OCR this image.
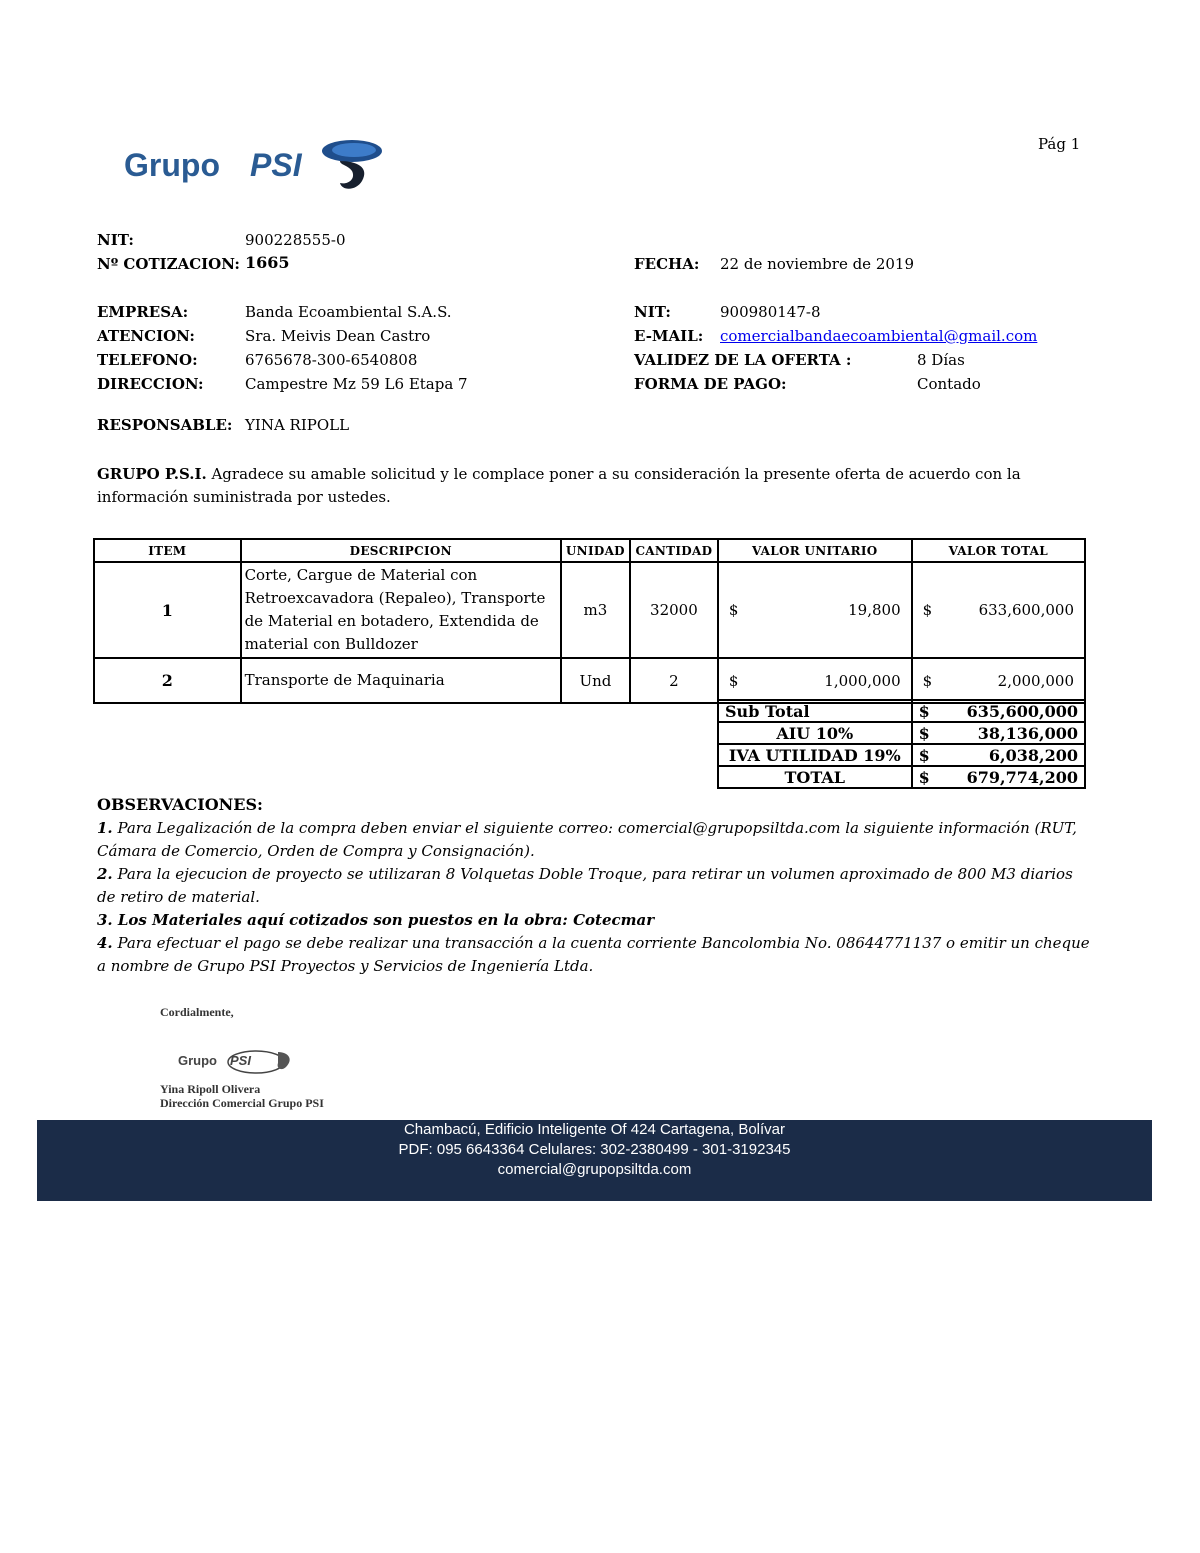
Grupo PSI
Pág 1
NIT:	900228555-0
Nº COTIZACION: 1665	FECHA: 22 de noviembre de 2019
EMPRESA:	Banda Ecoambiental S.A.S.	NIT:	900980147-8
ATENCION:	Sra. Meivis Dean Castro	E-MAIL: comercialbandaecoambiental@gmail.com
TELEFONO:	6765678-300-6540808	VALIDEZ DE LA OFERTA :	8 Días
DIRECCION:	Campestre Mz 59 L6 Etapa 7	FORMA DE PAGO:	Contado
RESPONSABLE: YINA RIPOLL
GRUPO P.S.I. Agradece su amable solicitud y le complace poner a su consideración la presente oferta de acuerdo con la
información suministrada por ustedes.
ITEM	DESCRIPCION	UNIDAD	CANTIDAD	VALOR UNITARIO	VALOR TOTAL
1	Corte, Cargue de Material con
Retroexcavadora (Repaleo), Transporte
de Material en botadero, Extendida de
material con Bulldozer	m3	32000	$ 19,800	$ 633,600,000

2	Transporte de Maquinaria	Und	2	$ 1,000,000	$ 2,000,000
Sub Total	$ 635,600,000

AIU 10%	$ 38,136,000

IVA UTILIDAD 19%	$ 6,038,200

TOTAL	$ 679,774,200
OBSERVACIONES:
1. Para Legalización de la compra deben enviar el siguiente correo: comercial@grupopsiltda.com la siguiente información (RUT,
Cámara de Comercio, Orden de Compra y Consignación).
2. Para la ejecucion de proyecto se utilizaran 8 Volquetas Doble Troque, para retirar un volumen aproximado de 800 M3 diarios
de retiro de material.
3. Los Materiales aquí cotizados son puestos en la obra: Cotecmar
4. Para efectuar el pago se debe realizar una transacción a la cuenta corriente Bancolombia No. 08644771137 o emitir un cheque
a nombre de Grupo PSI Proyectos y Servicios de Ingeniería Ltda.
Cordialmente,
Grupo PSI
Yina Ripoll Olivera
Dirección Comercial Grupo PSI
Chambacú, Edificio Inteligente Of 424 Cartagena, Bolívar
PDF: 095 6643364 Celulares: 302-2380499 - 301-3192345
comercial@grupopsiltda.com
